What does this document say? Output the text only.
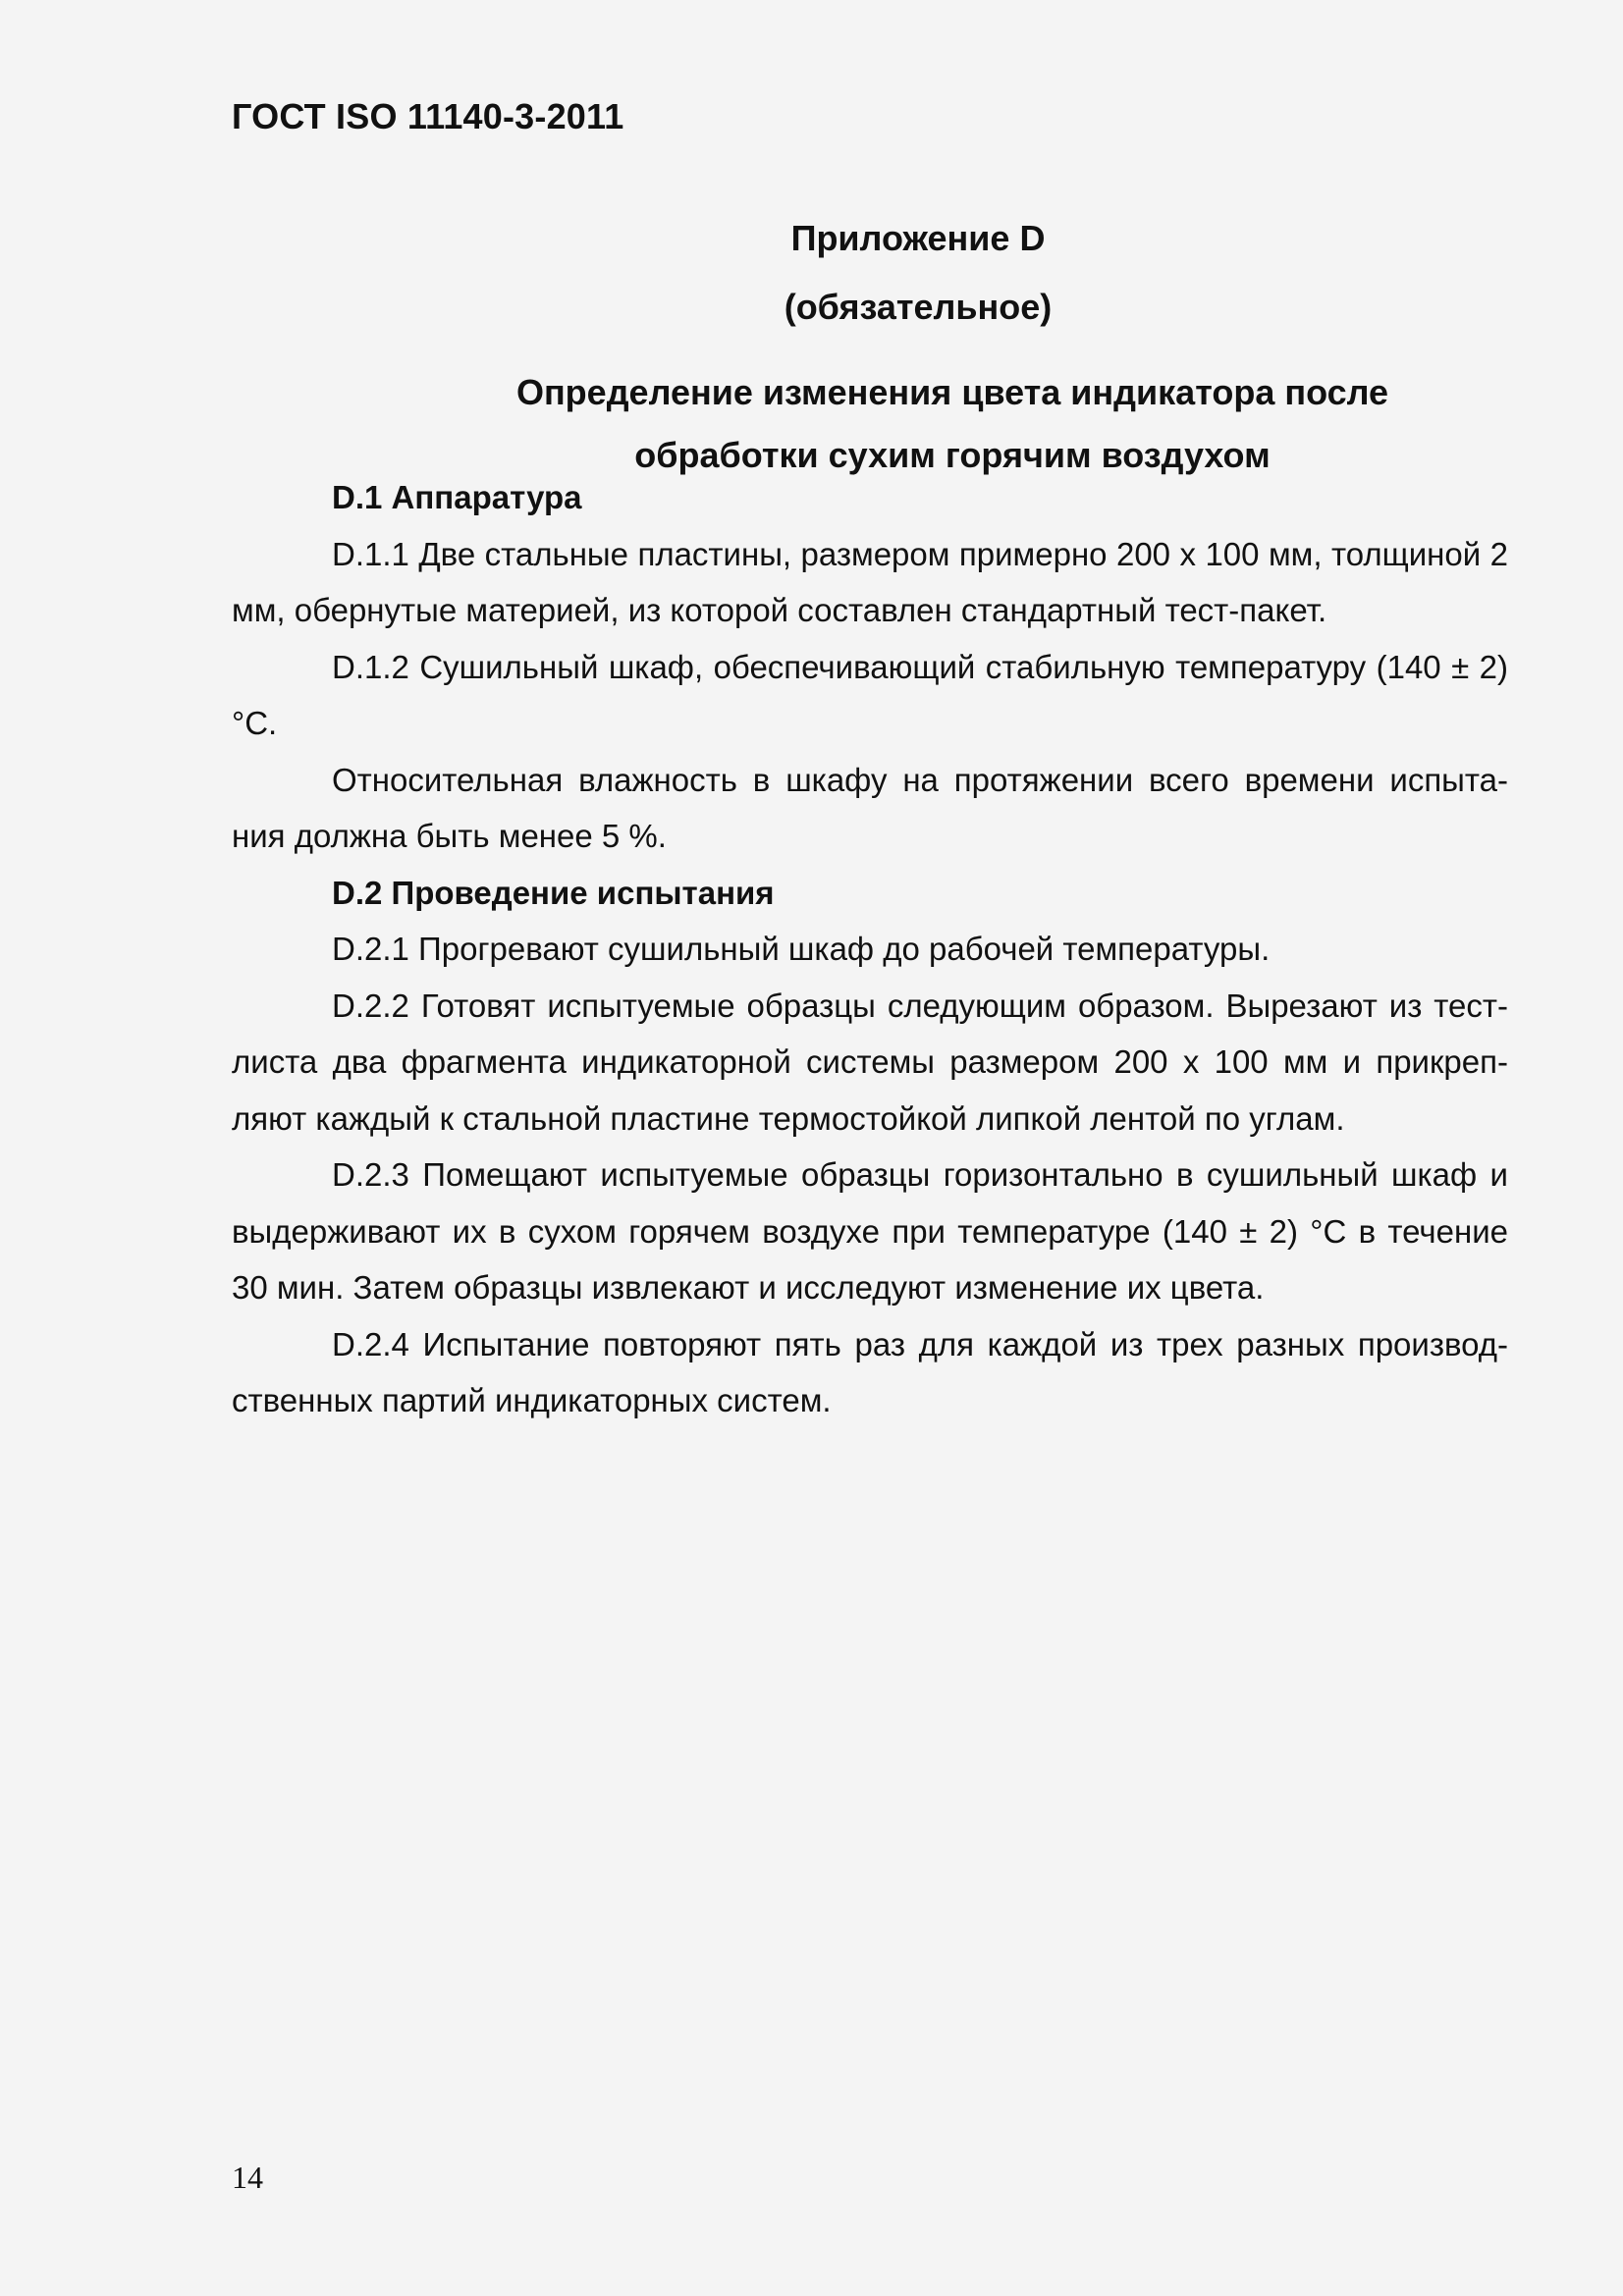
ГОСТ ISO 11140-3-2011
Приложение D
(обязательное)
Определение изменения цвета индикатора после
обработки сухим горячим воздухом

D.1 Аппаратура

D.1.1 Две стальные пластины, размером примерно 200 x 100 мм, толщиной 2 мм, обернутые материей, из которой составлен стандартный тест-пакет.

D.1.2 Сушильный шкаф, обеспечивающий стабильную температуру (140 ± 2) °С.

Относительная влажность в шкафу на протяжении всего времени испыта-ния должна быть менее 5 %.

D.2 Проведение испытания

D.2.1 Прогревают сушильный шкаф до рабочей температуры.

D.2.2 Готовят испытуемые образцы следующим образом. Вырезают из тест-листа два фрагмента индикаторной системы размером 200 x 100 мм и прикреп-ляют каждый к стальной пластине термостойкой липкой лентой по углам.

D.2.3 Помещают испытуемые образцы горизонтально в сушильный шкаф и выдерживают их в сухом горячем воздухе при температуре (140 ± 2) °С в течение 30 мин. Затем образцы извлекают и исследуют изменение их цвета.

D.2.4 Испытание повторяют пять раз для каждой из трех разных производ-ственных партий индикаторных систем.

14
